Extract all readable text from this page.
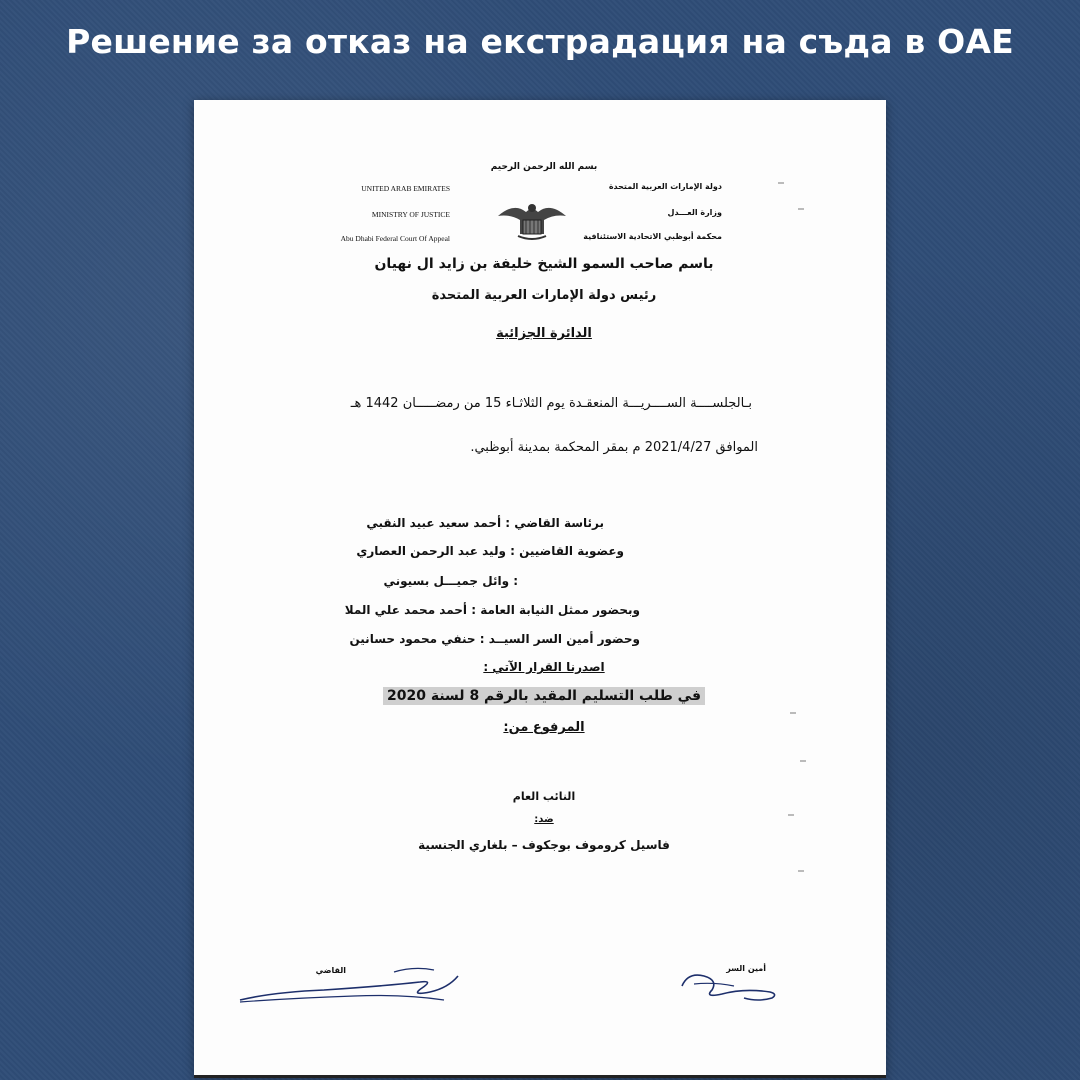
Решение за отказ на екстрадация на съда в ОАЕ
بسم الله الرحمن الرحيم
UNITED ARAB EMIRATES
MINISTRY OF JUSTICE
Abu Dhabi Federal Court Of Appeal
دولة الإمارات العربية المتحدة
وزارة العـــدل
محكمة أبوظبي الاتحادية الاستئنافية
باسم صاحب السمو الشيخ خليفة بن زايد ال نهيان
رئيس دولة الإمارات العربية المتحدة
الدائرة الجزائية
بـالجلســــة الســــريـــة المنعقـدة يوم الثلاثـاء 15 من رمضـــــان 1442 هـ
الموافق 2021/4/27 م بمقر المحكمة بمدينة أبوظبي.
برئاسة القاضي : أحمد سعيد عبيد النقبي
وعضوية القاضيين : وليد عبد الرحمن العصاري
: وائل جميـــل بسيوني
وبحضور ممثل النيابة العامة : أحمد محمد علي الملا
وحضور أمين السر السيــد : حنفي محمود حسانين
اصدرنا القرار الآتي :
في طلب التسليم المقيد بالرقم 8 لسنة 2020
المرفوع من:
النائب العام
ضد:
فاسيل كروموف بوجكوف – بلغاري الجنسية
أمين السر
القاضي
